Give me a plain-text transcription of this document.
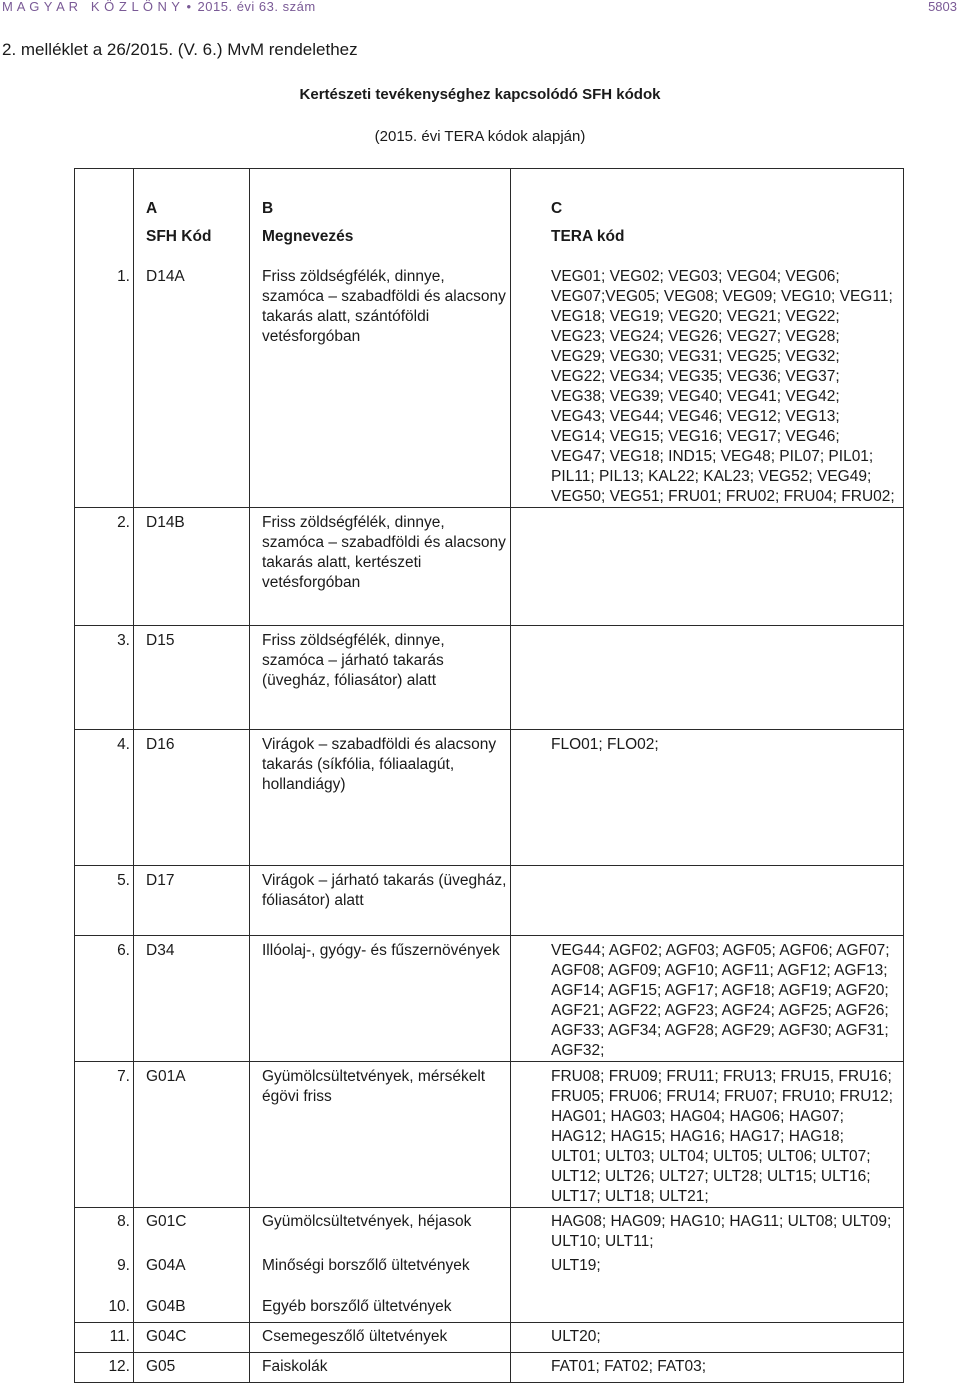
M A G Y A R   K Ö Z L Ö N Y • 2015. évi 63. szám	5803
2. melléklet a 26/2015. (V. 6.) MvM rendelethez
Kertészeti tevékenységhez kapcsolódó SFH kódok
(2015. évi TERA kódok alapján)
	A	B	C
	SFH Kód	Megnevezés	TERA kód
1.	D14A	Friss zöldségfélék, dinnye, szamóca – szabadföldi és alacsony takarás alatt, szántóföldi vetésforgóban	VEG01; VEG02; VEG03; VEG04; VEG06; VEG07;VEG05; VEG08; VEG09; VEG10; VEG11; VEG18; VEG19; VEG20; VEG21; VEG22; VEG23; VEG24; VEG26; VEG27; VEG28; VEG29; VEG30; VEG31; VEG25; VEG32; VEG22; VEG34; VEG35; VEG36; VEG37; VEG38; VEG39; VEG40; VEG41; VEG42; VEG43; VEG44; VEG46; VEG12; VEG13; VEG14; VEG15; VEG16; VEG17; VEG46; VEG47; VEG18; IND15; VEG48; PIL07; PIL01; PIL11; PIL13; KAL22; KAL23; VEG52; VEG49; VEG50; VEG51; FRU01; FRU02; FRU04; FRU02;
2.	D14B	Friss zöldségfélék, dinnye, szamóca – szabadföldi és alacsony takarás alatt, kertészeti vetésforgóban	
3.	D15	Friss zöldségfélék, dinnye, szamóca – járható takarás (üvegház, fóliasátor) alatt	
4.	D16	Virágok – szabadföldi és alacsony takarás (síkfólia, fóliaalagút, hollandiágy)	FLO01; FLO02;
5.	D17	Virágok – járható takarás (üvegház, fóliasátor) alatt	
6.	D34	Illóolaj-, gyógy- és fűszernövények	VEG44; AGF02; AGF03; AGF05; AGF06; AGF07; AGF08; AGF09; AGF10; AGF11; AGF12; AGF13; AGF14; AGF15; AGF17; AGF18; AGF19; AGF20; AGF21; AGF22; AGF23; AGF24; AGF25; AGF26; AGF33; AGF34; AGF28; AGF29; AGF30; AGF31; AGF32;
7.	G01A	Gyümölcsültetvények, mérsékelt égövi friss	FRU08; FRU09; FRU11; FRU13; FRU15, FRU16; FRU05; FRU06; FRU14; FRU07; FRU10; FRU12; HAG01; HAG03; HAG04; HAG06; HAG07; HAG12; HAG15; HAG16; HAG17; HAG18; ULT01; ULT03; ULT04; ULT05; ULT06; ULT07; ULT12; ULT26; ULT27; ULT28; ULT15; ULT16; ULT17; ULT18; ULT21;
8.	G01C	Gyümölcsültetvények, héjasok	HAG08; HAG09; HAG10; HAG11; ULT08; ULT09; ULT10; ULT11;
9.	G04A	Minőségi borszőlő ültetvények	ULT19;
10.	G04B	Egyéb borszőlő ültetvények	
11.	G04C	Csemegeszőlő ültetvények	ULT20;
12.	G05	Faiskolák	FAT01; FAT02; FAT03;
